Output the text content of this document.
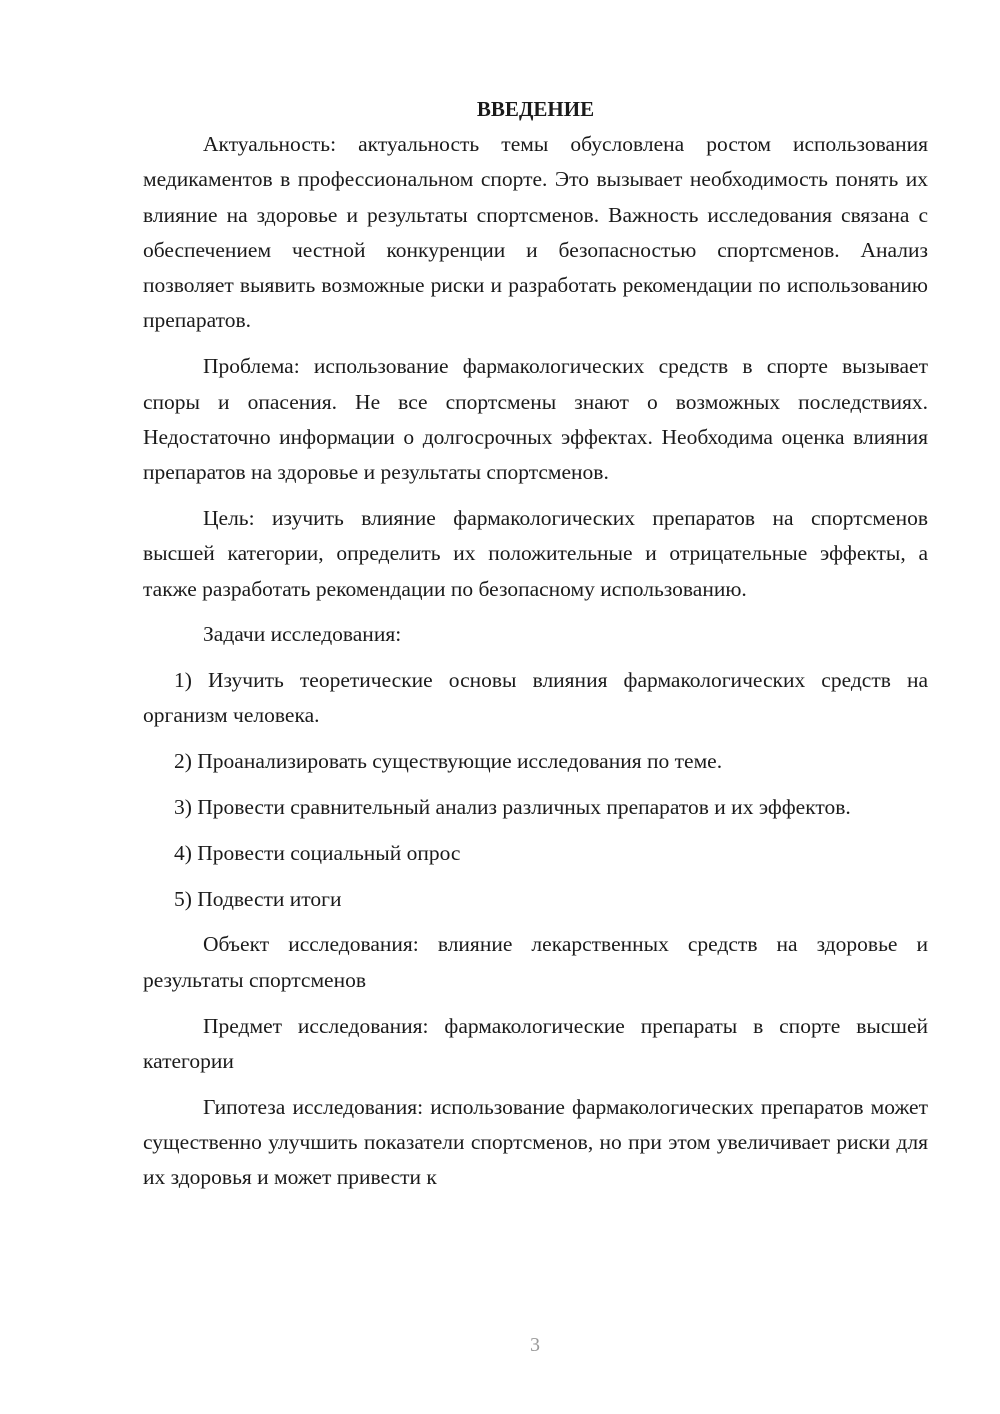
ВВЕДЕНИЕ

Актуальность: актуальность темы обусловлена ростом использования медикаментов в профессиональном спорте. Это вызывает необходимость понять их влияние на здоровье и результаты спортсменов. Важность исследования связана с обеспечением честной конкуренции и безопасностью спортсменов. Анализ позволяет выявить возможные риски и разработать рекомендации по использованию препаратов.

Проблема: использование фармакологических средств в спорте вызывает споры и опасения. Не все спортсмены знают о возможных последствиях. Недостаточно информации о долгосрочных эффектах. Необходима оценка влияния препаратов на здоровье и результаты спортсменов.

Цель: изучить влияние фармакологических препаратов на спортсменов высшей категории, определить их положительные и отрицательные эффекты, а также разработать рекомендации по безопасному использованию.

Задачи исследования:

1) Изучить теоретические основы влияния фармакологических средств на организм человека.

2) Проанализировать существующие исследования по теме.

3) Провести сравнительный анализ различных препаратов и их эффектов.

4) Провести социальный опрос

5) Подвести итоги

Объект исследования: влияние лекарственных средств на здоровье и результаты спортсменов

Предмет исследования: фармакологические препараты в спорте высшей категории

Гипотеза исследования: использование фармакологических препаратов может существенно улучшить показатели спортсменов, но при этом увеличивает риски для их здоровья и может привести к

3
